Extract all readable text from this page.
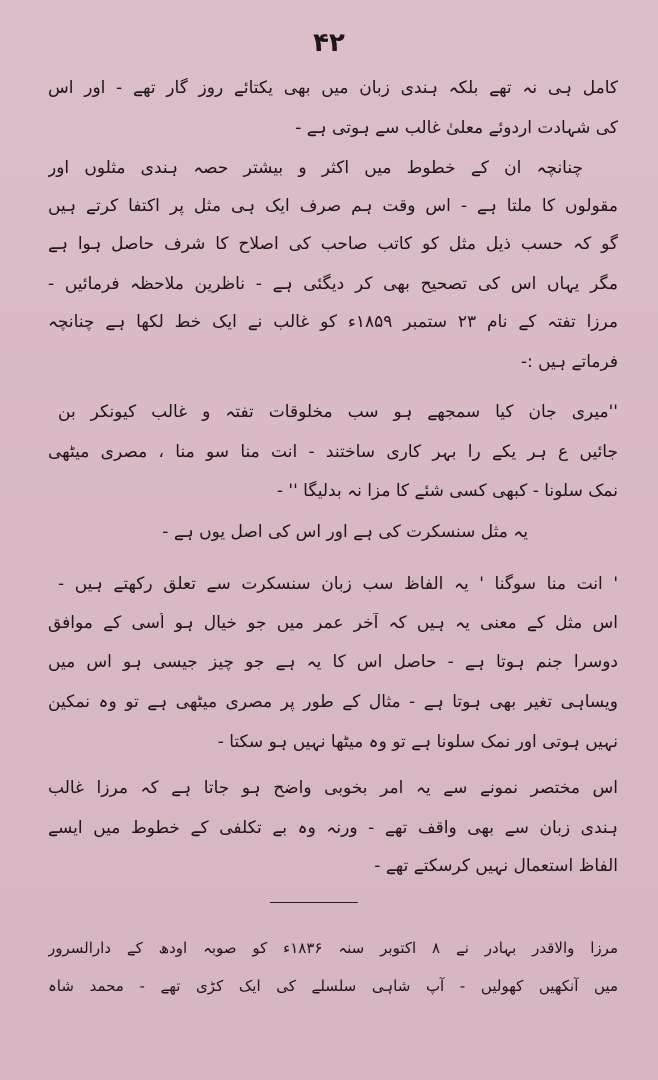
۴۲
کامل ہی نہ تھے بلکہ ہندی زبان میں بھی یکتائے روز گار تھے - اور اس
کی شہادت اردوئے معلیٰ غالب سے ہوتی ہے -
چنانچہ ان کے خطوط میں اکثر و بیشتر حصہ ہندی مثلوں اور
مقولوں کا ملتا ہے - اس وقت ہم صرف ایک ہی مثل پر اکتفا کرتے ہیں
گو کہ حسب ذیل مثل کو کاتب صاحب کی اصلاح کا شرف حاصل ہوا ہے
مگر یہاں اس کی تصحیح بھی کر دیگئی ہے - ناظرین ملاحظہ فرمائیں -
مرزا تفتہ کے نام ۲۳ ستمبر ۱۸۵۹ء کو غالب نے ایک خط لکھا ہے چنانچہ
فرماتے ہیں :-
''میری جان کیا سمجھے ہو سب مخلوقات تفتہ و غالب کیونکر بن
جائیں ع ہر یکے را بہر کاری ساختند - انت منا سو منا ، مصری میٹھی
نمک سلونا - کبھی کسی شئے کا مزا نہ بدلیگا '' -
یہ مثل سنسکرت کی ہے اور اس کی اصل یوں ہے -
' انت منا سوگنا ' یہ الفاظ سب زبان سنسکرت سے تعلق رکھتے ہیں -
اس مثل کے معنی یہ ہیں کہ آخر عمر میں جو خیال ہو اُسی کے موافق
دوسرا جنم ہوتا ہے - حاصل اس کا یہ ہے جو چیز جیسی ہو اس میں
ویساہی تغیر بھی ہوتا ہے - مثال کے طور پر مصری میٹھی ہے تو وہ نمکین
نہیں ہوتی اور نمک سلونا ہے تو وہ میٹھا نہیں ہو سکتا -
اس مختصر نمونے سے یہ امر بخوبی واضح ہو جاتا ہے کہ مرزا غالب
ہندی زبان سے بھی واقف تھے - ورنہ وہ بے تکلفی کے خطوط میں ایسے
الفاظ استعمال نہیں کرسکتے تھے -
مرزا والاقدر بہادر نے ۸ اکتوبر سنہ ۱۸۳۶ء کو صوبہ اودھ کے دارالسرور
میں آنکھیں کھولیں - آپ شاہی سلسلے کی ایک کڑی تھے - محمد شاہ
